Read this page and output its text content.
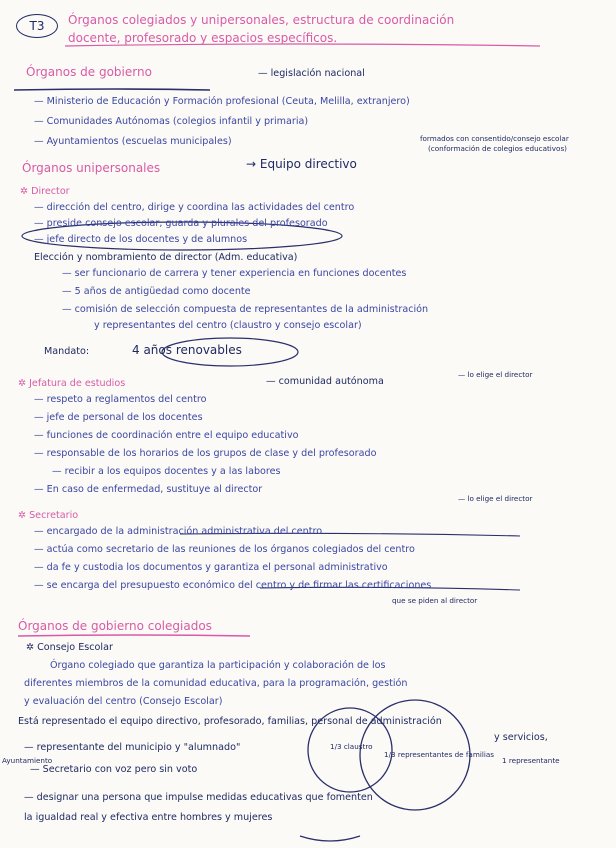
T3	Órganos colegiados y unipersonales, estructura de coordinación
docente, profesorado y espacios específicos.
Órganos de gobierno	— legislación nacional
— Ministerio de Educación y Formación profesional (Ceuta, Melilla, extranjero)
— Comunidades Autónomas (colegios infantil y primaria)
— Ayuntamientos (escuelas municipales)	formados con consentido/consejo escolar
(conformación de colegios educativos)
Órganos unipersonales	→ Equipo directivo
✲ Director
— dirección del centro, dirige y coordina las actividades del centro
— preside consejo escolar, guarda y plurales del profesorado
— jefe directo de los docentes y de alumnos
Elección y nombramiento de director (Adm. educativa)
— ser funcionario de carrera y tener experiencia en funciones docentes
— 5 años de antigüedad como docente
— comisión de selección compuesta de representantes de la administración
y representantes del centro (claustro y consejo escolar)
Mandato:	4 años renovables
✲ Jefatura de estudios	— comunidad autónoma
— lo elige el director
— respeto a reglamentos del centro
— jefe de personal de los docentes
— funciones de coordinación entre el equipo educativo
— responsable de los horarios de los grupos de clase y del profesorado
— recibir a los equipos docentes y a las labores
— En caso de enfermedad, sustituye al director
— lo elige el director
✲ Secretario
— encargado de la administración administrativa del centro
— actúa como secretario de las reuniones de los órganos colegiados del centro
— da fe y custodia los documentos y garantiza el personal administrativo
— se encarga del presupuesto económico del centro y de firmar las certificaciones
que se piden al director
Órganos de gobierno colegiados
✲ Consejo Escolar
Órgano colegiado que garantiza la participación y colaboración de los
diferentes miembros de la comunidad educativa, para la programación, gestión
y evaluación del centro (Consejo Escolar)
Está representado el equipo directivo, profesorado, familias, personal de administración
y servicios,
1 representante
Ayuntamiento
— representante del municipio y "alumnado"
— Secretario con voz pero sin voto
1/3 claustro
1/3 representantes de familias
— designar una persona que impulse medidas educativas que fomenten
la igualdad real y efectiva entre hombres y mujeres
